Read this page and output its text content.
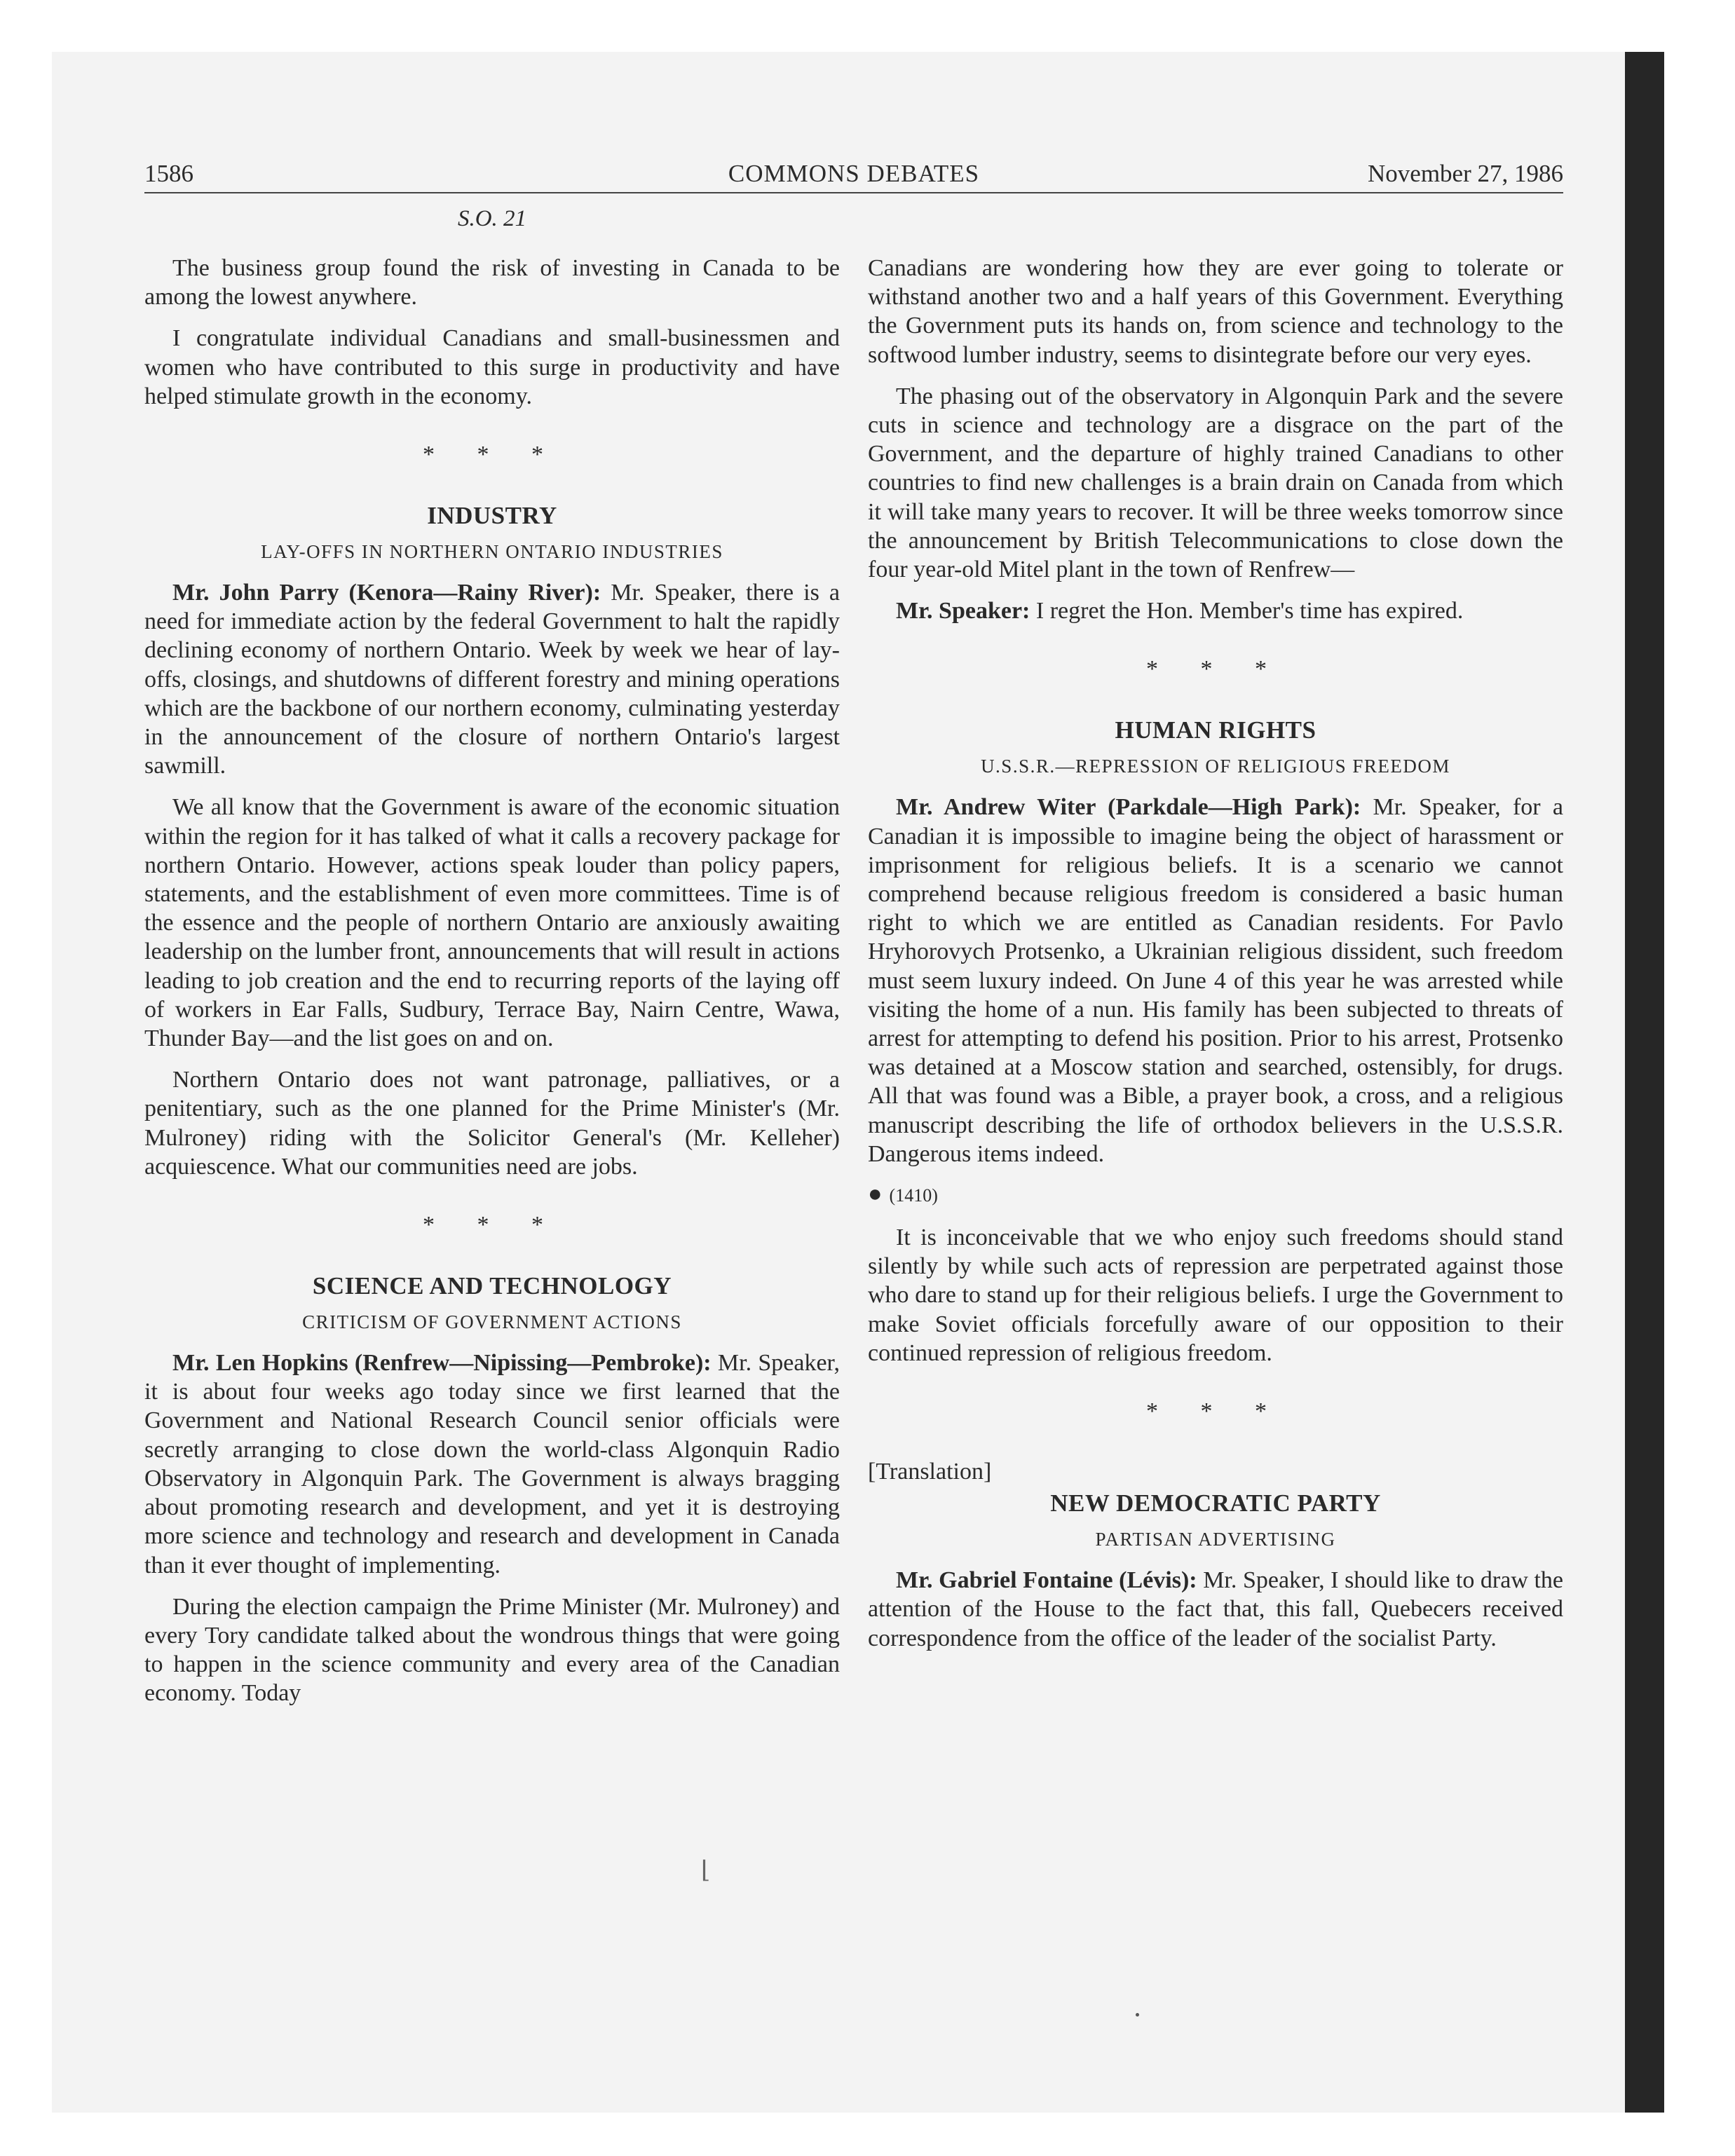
1586	COMMONS DEBATES	November 27, 1986
S.O. 21

The business group found the risk of investing in Canada to be among the lowest anywhere.

I congratulate individual Canadians and small-businessmen and women who have contributed to this surge in productivity and have helped stimulate growth in the economy.

* * *
INDUSTRY
LAY-OFFS IN NORTHERN ONTARIO INDUSTRIES

Mr. John Parry (Kenora—Rainy River): Mr. Speaker, there is a need for immediate action by the federal Government to halt the rapidly declining economy of northern Ontario. Week by week we hear of lay-offs, closings, and shutdowns of different forestry and mining operations which are the backbone of our northern economy, culminating yesterday in the announcement of the closure of northern Ontario's largest sawmill.

We all know that the Government is aware of the economic situation within the region for it has talked of what it calls a recovery package for northern Ontario. However, actions speak louder than policy papers, statements, and the establishment of even more committees. Time is of the essence and the people of northern Ontario are anxiously awaiting leadership on the lumber front, announcements that will result in actions leading to job creation and the end to recurring reports of the laying off of workers in Ear Falls, Sudbury, Terrace Bay, Nairn Centre, Wawa, Thunder Bay—and the list goes on and on.

Northern Ontario does not want patronage, palliatives, or a penitentiary, such as the one planned for the Prime Minister's (Mr. Mulroney) riding with the Solicitor General's (Mr. Kelleher) acquiescence. What our communities need are jobs.

* * *
SCIENCE AND TECHNOLOGY
CRITICISM OF GOVERNMENT ACTIONS

Mr. Len Hopkins (Renfrew—Nipissing—Pembroke): Mr. Speaker, it is about four weeks ago today since we first learned that the Government and National Research Council senior officials were secretly arranging to close down the world-class Algonquin Radio Observatory in Algonquin Park. The Government is always bragging about promoting research and development, and yet it is destroying more science and technology and research and development in Canada than it ever thought of implementing.

During the election campaign the Prime Minister (Mr. Mulroney) and every Tory candidate talked about the wondrous things that were going to happen in the science community and every area of the Canadian economy. Today

Canadians are wondering how they are ever going to tolerate or withstand another two and a half years of this Government. Everything the Government puts its hands on, from science and technology to the softwood lumber industry, seems to disintegrate before our very eyes.

The phasing out of the observatory in Algonquin Park and the severe cuts in science and technology are a disgrace on the part of the Government, and the departure of highly trained Canadians to other countries to find new challenges is a brain drain on Canada from which it will take many years to recover. It will be three weeks tomorrow since the announcement by British Telecommunications to close down the four year-old Mitel plant in the town of Renfrew—

Mr. Speaker: I regret the Hon. Member's time has expired.

* * *
HUMAN RIGHTS
U.S.S.R.—REPRESSION OF RELIGIOUS FREEDOM

Mr. Andrew Witer (Parkdale—High Park): Mr. Speaker, for a Canadian it is impossible to imagine being the object of harassment or imprisonment for religious beliefs. It is a scenario we cannot comprehend because religious freedom is considered a basic human right to which we are entitled as Canadian residents. For Pavlo Hryhorovych Protsenko, a Ukrainian religious dissident, such freedom must seem luxury indeed. On June 4 of this year he was arrested while visiting the home of a nun. His family has been subjected to threats of arrest for attempting to defend his position. Prior to his arrest, Protsenko was detained at a Moscow station and searched, ostensibly, for drugs. All that was found was a Bible, a prayer book, a cross, and a religious manuscript describing the life of orthodox believers in the U.S.S.R. Dangerous items indeed.

● (1410)

It is inconceivable that we who enjoy such freedoms should stand silently by while such acts of repression are perpetrated against those who dare to stand up for their religious beliefs. I urge the Government to make Soviet officials forcefully aware of our opposition to their continued repression of religious freedom.

* * *
[Translation]
NEW DEMOCRATIC PARTY
PARTISAN ADVERTISING

Mr. Gabriel Fontaine (Lévis): Mr. Speaker, I should like to draw the attention of the House to the fact that, this fall, Quebecers received correspondence from the office of the leader of the socialist Party.

⌊
